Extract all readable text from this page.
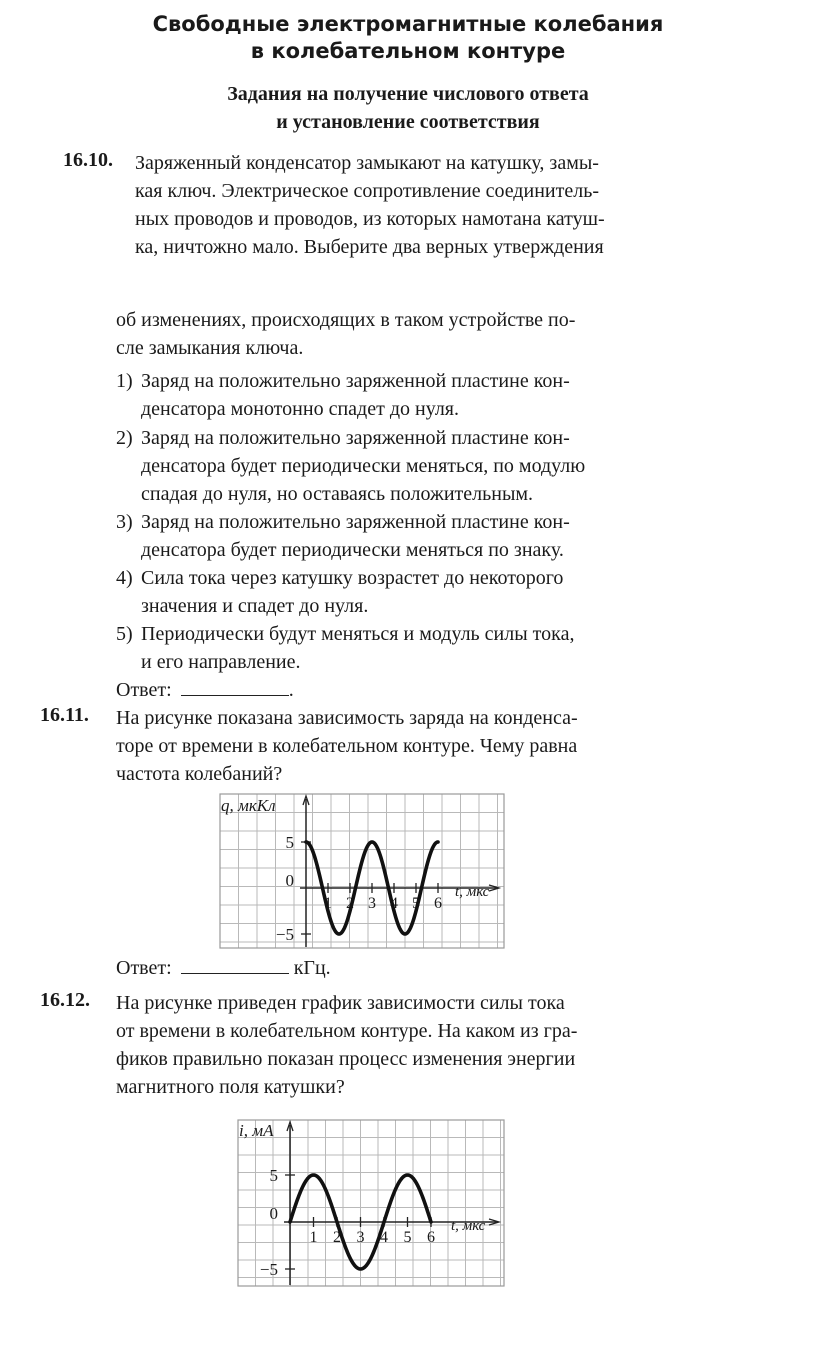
Свободные электромагнитные колебания
в колебательном контуре
Задания на получение числового ответа
и установление соответствия
16.10. Заряженный конденсатор замыкают на катушку, замы-
кая ключ. Электрическое сопротивление соединитель-
ных проводов и проводов, из которых намотана катуш-
ка, ничтожно мало. Выберите два верных утверждения
об изменениях, происходящих в таком устройстве по-
сле замыкания ключа.
1) Заряд на положительно заряженной пластине кон-
денсатора монотонно спадет до нуля.
2) Заряд на положительно заряженной пластине кон-
денсатора будет периодически меняться, по модулю
спадая до нуля, но оставаясь положительным.
3) Заряд на положительно заряженной пластине кон-
денсатора будет периодически меняться по знаку.
4) Сила тока через катушку возрастет до некоторого
значения и спадет до нуля.
5) Периодически будут меняться и модуль силы тока,
и его направление.
Ответ:	.
16.11. На рисунке показана зависимость заряда на конденса-
торе от времени в колебательном контуре. Чему равна
частота колебаний?
q, мкКл
t, мкс
5
0
−5
1 2 3 4 5 6
Ответ:	кГц.
16.12. На рисунке приведен график зависимости силы тока
от времени в колебательном контуре. На каком из гра-
фиков правильно показан процесс изменения энергии
магнитного поля катушки?
i, мА
t, мкс
5
0
−5
1 2 3 4 5 6
